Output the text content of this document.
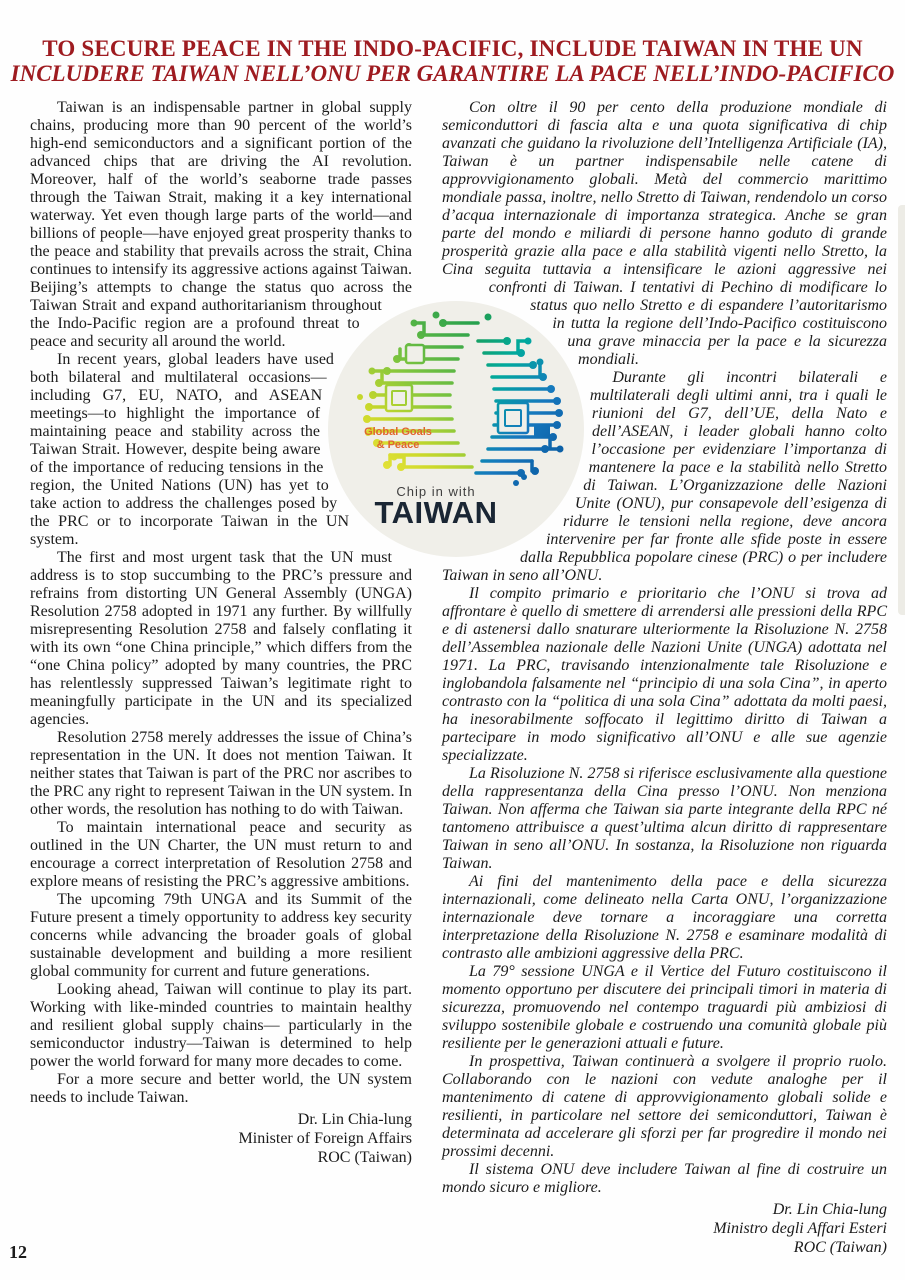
TO SECURE PEACE IN THE INDO-PACIFIC, INCLUDE TAIWAN IN THE UN
INCLUDERE TAIWAN NELL’ONU PER GARANTIRE LA PACE NELL’INDO-PACIFICO

Taiwan is an indispensable partner in global supply chains, producing more than 90 percent of the world’s high-end semiconductors and a significant portion of the advanced chips that are driving the AI revolution. Moreover, half of the world’s seaborne trade passes through the Taiwan Strait, making it a key international waterway. Yet even though large parts of the world—and billions of people—have enjoyed great prosperity thanks to the peace and stability that prevails across the strait, China continues to intensify its aggressive actions against Taiwan. Beijing’s attempts to change the status quo across the Taiwan Strait and expand authoritarianism throughout the Indo-Pacific region are a profound threat to peace and security all around the world.

In recent years, global leaders have used both bilateral and multilateral occasions—including G7, EU, NATO, and ASEAN meetings—to highlight the importance of maintaining peace and stability across the Taiwan Strait. However, despite being aware of the importance of reducing tensions in the region, the United Nations (UN) has yet to take action to address the challenges posed by the PRC or to incorporate Taiwan in the UN system.

The first and most urgent task that the UN must address is to stop succumbing to the PRC’s pressure and refrains from distorting UN General Assembly (UNGA) Resolution 2758 adopted in 1971 any further. By willfully misrepresenting Resolution 2758 and falsely conflating it with its own “one China principle,” which differs from the “one China policy” adopted by many countries, the PRC has relentlessly suppressed Taiwan’s legitimate right to meaningfully participate in the UN and its specialized agencies.

Resolution 2758 merely addresses the issue of China’s representation in the UN. It does not mention Taiwan. It neither states that Taiwan is part of the PRC nor ascribes to the PRC any right to represent Taiwan in the UN system. In other words, the resolution has nothing to do with Taiwan.

To maintain international peace and security as outlined in the UN Charter, the UN must return to and encourage a correct interpretation of Resolution 2758 and explore means of resisting the PRC’s aggressive ambitions.

The upcoming 79th UNGA and its Summit of the Future present a timely opportunity to address key security concerns while advancing the broader goals of global sustainable development and building a more resilient global community for current and future generations.

Looking ahead, Taiwan will continue to play its part. Working with like-minded countries to maintain healthy and resilient global supply chains— particularly in the semiconductor industry—Taiwan is determined to help power the world forward for many more decades to come.

For a more secure and better world, the UN system needs to include Taiwan.

Dr. Lin Chia-lung
Minister of Foreign Affairs
ROC (Taiwan)

Con oltre il 90 per cento della produzione mondiale di semiconduttori di fascia alta e una quota significativa di chip avanzati che guidano la rivoluzione dell’Intelligenza Artificiale (IA), Taiwan è un partner indispensabile nelle catene di approvvigionamento globali. Metà del commercio marittimo mondiale passa, inoltre, nello Stretto di Taiwan, rendendolo un corso d’acqua internazionale di importanza strategica. Anche se gran parte del mondo e miliardi di persone hanno goduto di grande prosperità grazie alla pace e alla stabilità vigenti nello Stretto, la Cina seguita tuttavia a intensificare le azioni aggressive nei confronti di Taiwan. I tentativi di Pechino di modificare lo status quo nello Stretto e di espandere l’autoritarismo in tutta la regione dell’Indo-Pacifico costituiscono una grave minaccia per la pace e la sicurezza mondiali.

Durante gli incontri bilaterali e multilaterali degli ultimi anni, tra i quali le riunioni del G7, dell’UE, della Nato e dell’ASEAN, i leader globali hanno colto l’occasione per evidenziare l’importanza di mantenere la pace e la stabilità nello Stretto di Taiwan. L’Organizzazione delle Nazioni Unite (ONU), pur consapevole dell’esigenza di ridurre le tensioni nella regione, deve ancora intervenire per far fronte alle sfide poste in essere dalla Repubblica popolare cinese (PRC) o per includere Taiwan in seno all’ONU.

Il compito primario e prioritario che l’ONU si trova ad affrontare è quello di smettere di arrendersi alle pressioni della RPC e di astenersi dallo snaturare ulteriormente la Risoluzione N. 2758 dell’Assemblea nazionale delle Nazioni Unite (UNGA) adottata nel 1971. La PRC, travisando intenzionalmente tale Risoluzione e inglobandola falsamente nel “principio di una sola Cina”, in aperto contrasto con la “politica di una sola Cina” adottata da molti paesi, ha inesorabilmente soffocato il legittimo diritto di Taiwan a partecipare in modo significativo all’ONU e alle sue agenzie specializzate.

La Risoluzione N. 2758 si riferisce esclusivamente alla questione della rappresentanza della Cina presso l’ONU. Non menziona Taiwan. Non afferma che Taiwan sia parte integrante della RPC né tantomeno attribuisce a quest’ultima alcun diritto di rappresentare Taiwan in seno all’ONU. In sostanza, la Risoluzione non riguarda Taiwan.

Ai fini del mantenimento della pace e della sicurezza internazionali, come delineato nella Carta ONU, l’organizzazione internazionale deve tornare a incoraggiare una corretta interpretazione della Risoluzione N. 2758 e esaminare modalità di contrasto alle ambizioni aggressive della PRC.

La 79° sessione UNGA e il Vertice del Futuro costituiscono il momento opportuno per discutere dei principali timori in materia di sicurezza, promuovendo nel contempo traguardi più ambiziosi di sviluppo sostenibile globale e costruendo una comunità globale più resiliente per le generazioni attuali e future.

In prospettiva, Taiwan continuerà a svolgere il proprio ruolo. Collaborando con le nazioni con vedute analoghe per il mantenimento di catene di approvvigionamento globali solide e resilienti, in particolare nel settore dei semiconduttori, Taiwan è determinata ad accelerare gli sforzi per far progredire il mondo nei prossimi decenni.

Il sistema ONU deve includere Taiwan al fine di costruire un mondo sicuro e migliore.

Dr. Lin Chia-lung
Ministro degli Affari Esteri
ROC (Taiwan)
Global Goals
& Peace
Chip in with
TAIWAN
12
